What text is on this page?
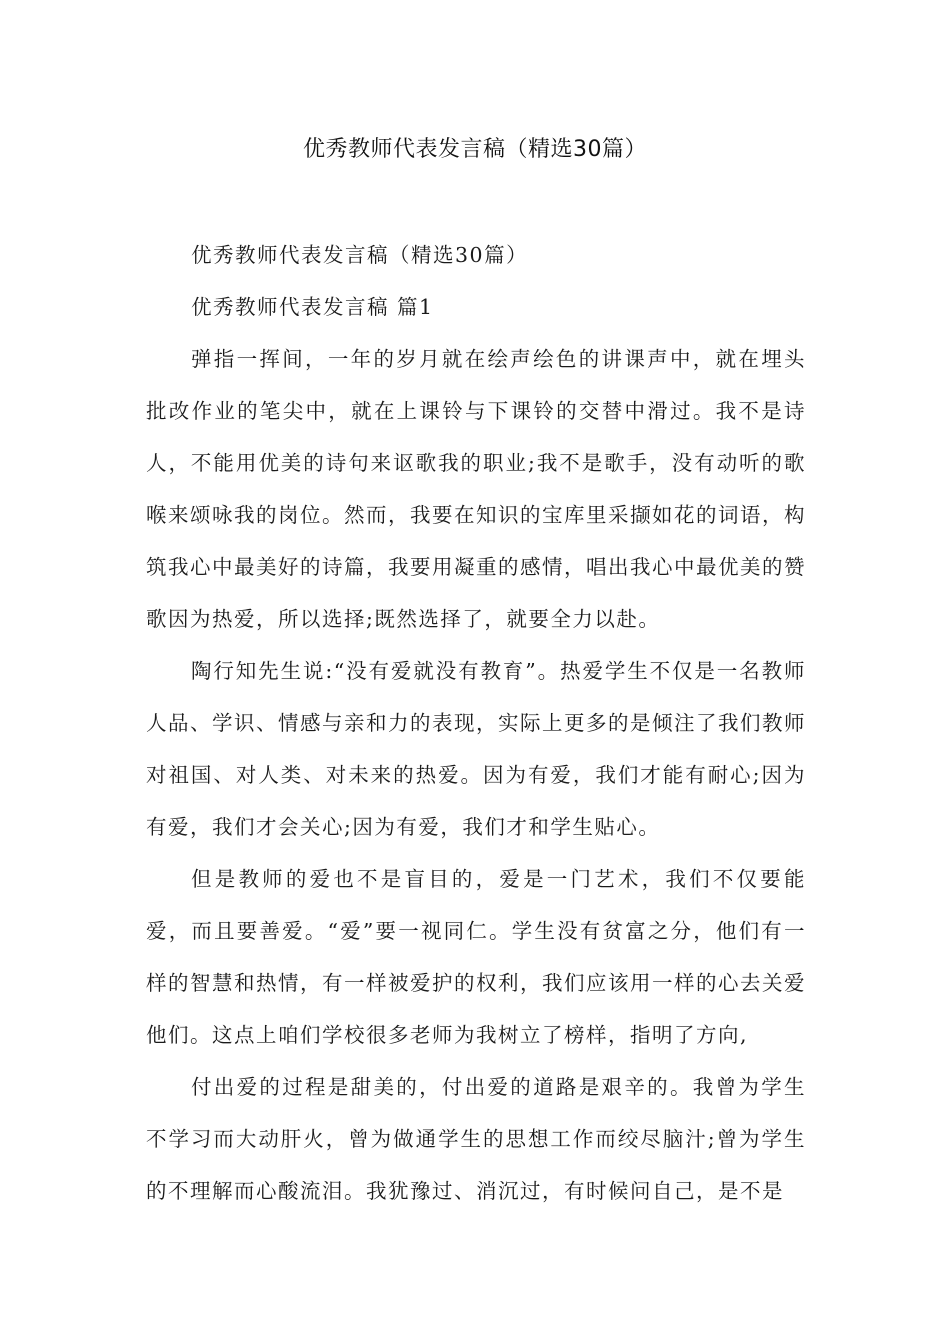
优秀教师代表发言稿（精选30篇）

优秀教师代表发言稿（精选30篇）

优秀教师代表发言稿 篇1

弹指一挥间，一年的岁月就在绘声绘色的讲课声中，就在埋头批改作业的笔尖中，就在上课铃与下课铃的交替中滑过。我不是诗人，不能用优美的诗句来讴歌我的职业;我不是歌手，没有动听的歌喉来颂咏我的岗位。然而，我要在知识的宝库里采撷如花的词语，构筑我心中最美好的诗篇，我要用凝重的感情，唱出我心中最优美的赞歌因为热爱，所以选择;既然选择了，就要全力以赴。

陶行知先生说:“没有爱就没有教育”。热爱学生不仅是一名教师人品、学识、情感与亲和力的表现，实际上更多的是倾注了我们教师对祖国、对人类、对未来的热爱。因为有爱，我们才能有耐心;因为有爱，我们才会关心;因为有爱，我们才和学生贴心。

但是教师的爱也不是盲目的，爱是一门艺术，我们不仅要能爱，而且要善爱。“爱”要一视同仁。学生没有贫富之分，他们有一样的智慧和热情，有一样被爱护的权利，我们应该用一样的心去关爱他们。这点上咱们学校很多老师为我树立了榜样，指明了方向,

付出爱的过程是甜美的，付出爱的道路是艰辛的。我曾为学生不学习而大动肝火，曾为做通学生的思想工作而绞尽脑汁;曾为学生的不理解而心酸流泪。我犹豫过、消沉过，有时候问自己，是不是
